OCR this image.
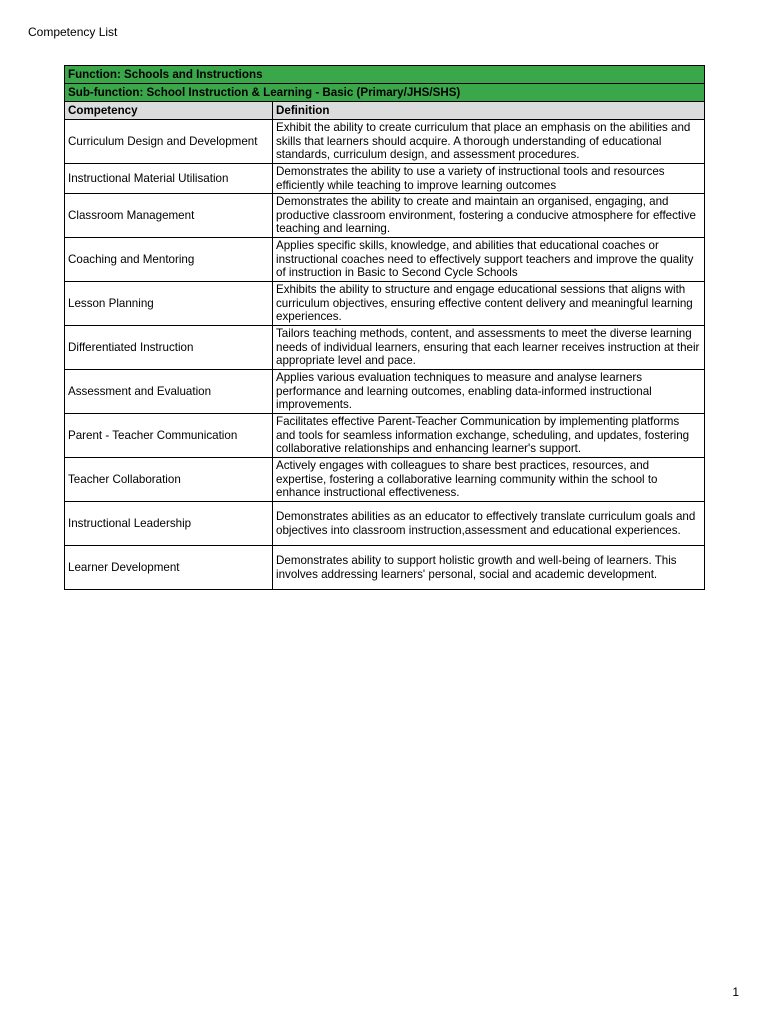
Competency List
Function: Schools and Instructions	
Sub-function: School Instruction & Learning - Basic (Primary/JHS/SHS)	
Competency	Definition
Curriculum Design and Development	Exhibit the ability to create curriculum that place an emphasis on the abilities and skills that learners should acquire. A thorough understanding of educational standards, curriculum design, and assessment procedures.
Instructional Material Utilisation	Demonstrates the ability to use a variety of instructional tools and resources efficiently while teaching to improve learning outcomes
Classroom Management	Demonstrates the ability to create and maintain an organised, engaging, and productive classroom environment, fostering a conducive atmosphere for effective teaching and learning.
Coaching and Mentoring	Applies specific skills, knowledge, and abilities that educational coaches or instructional coaches need to effectively support teachers and improve the quality of instruction in Basic to Second Cycle Schools
Lesson Planning	Exhibits the ability to structure and engage educational sessions that aligns with curriculum objectives, ensuring effective content delivery and meaningful learning experiences.
Differentiated Instruction	Tailors teaching methods, content, and assessments to meet the diverse learning needs of individual learners, ensuring that each learner receives instruction at their appropriate level and pace.
Assessment and Evaluation	Applies various evaluation techniques to measure and analyse learners performance and learning outcomes, enabling data-informed instructional improvements.
Parent - Teacher Communication	Facilitates effective Parent-Teacher Communication by implementing platforms and tools for seamless information exchange, scheduling, and updates, fostering collaborative relationships and enhancing learner's support.
Teacher Collaboration	Actively engages with colleagues to share best practices, resources, and expertise, fostering a collaborative learning community within the school to enhance instructional effectiveness.
Instructional Leadership	Demonstrates abilities as an educator to effectively translate curriculum goals and objectives into classroom instruction,assessment and educational experiences.
Learner Development	Demonstrates ability to support holistic growth and well-being of learners. This involves addressing learners' personal, social and academic development.
1
